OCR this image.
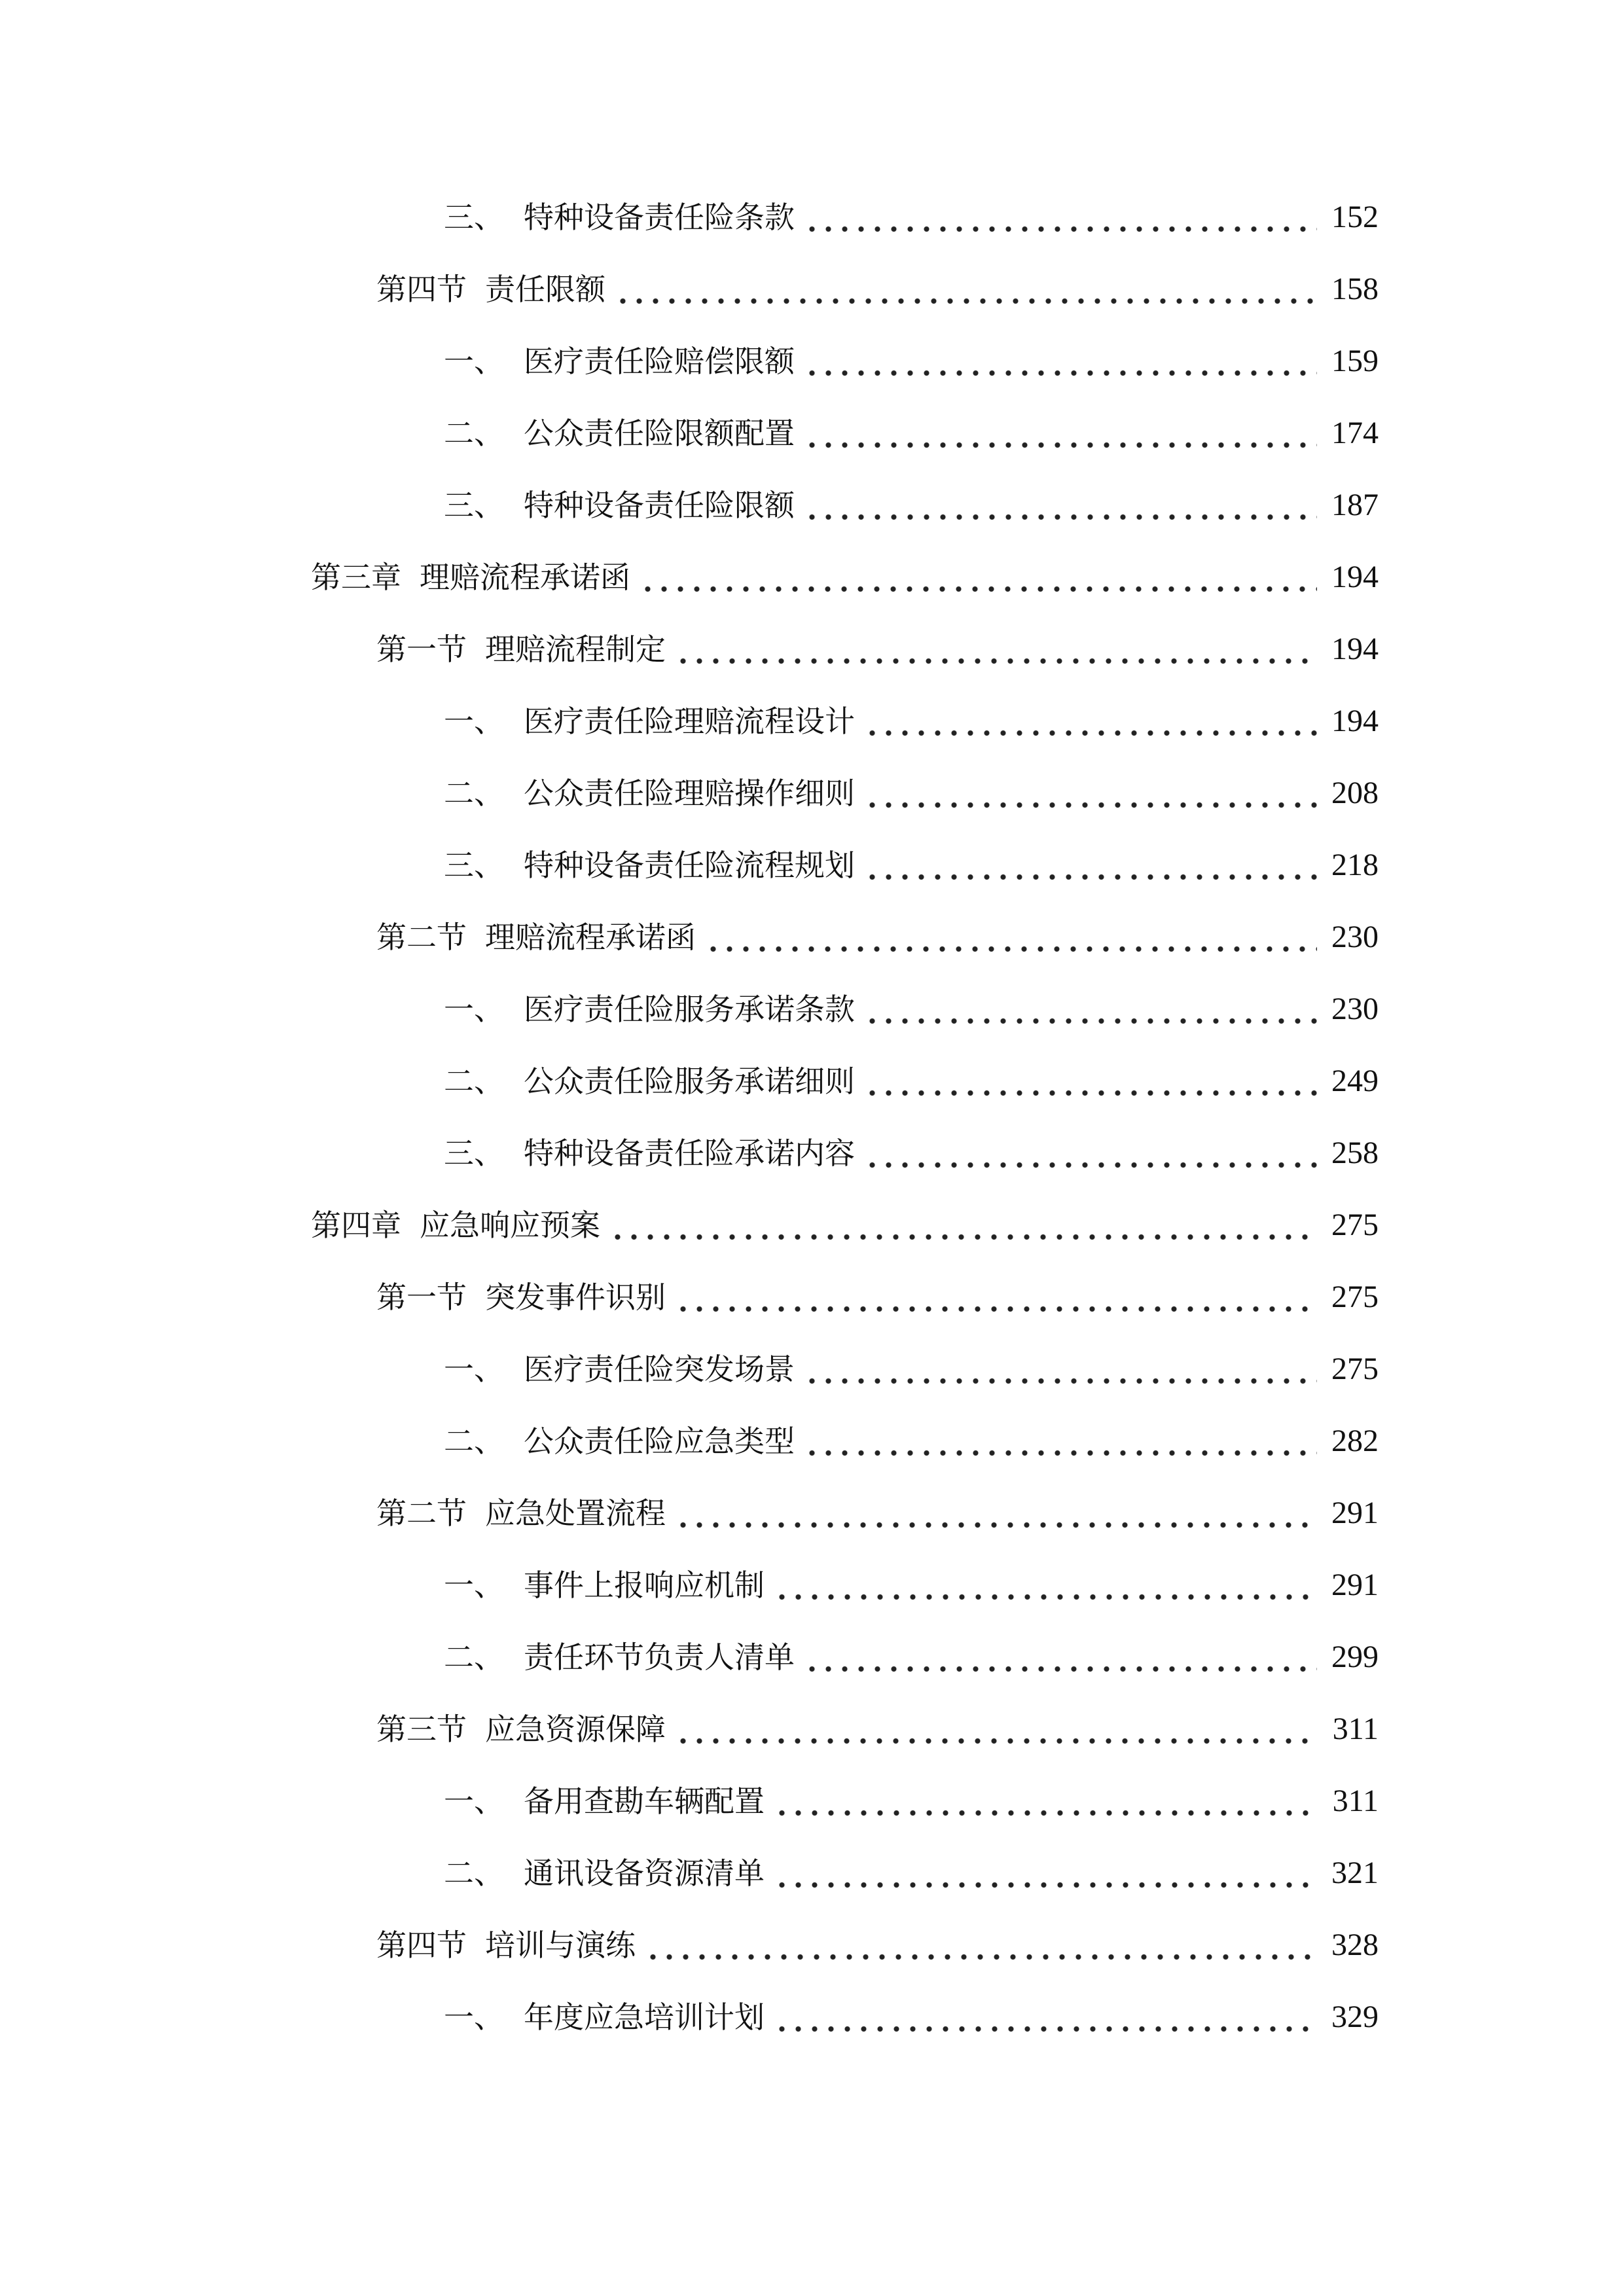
三、 特种设备责任险条款	152
第四节 责任限额	158
一、 医疗责任险赔偿限额	159
二、 公众责任险限额配置	174
三、 特种设备责任险限额	187
第三章 理赔流程承诺函	194
第一节 理赔流程制定	194
一、 医疗责任险理赔流程设计	194
二、 公众责任险理赔操作细则	208
三、 特种设备责任险流程规划	218
第二节 理赔流程承诺函	230
一、 医疗责任险服务承诺条款	230
二、 公众责任险服务承诺细则	249
三、 特种设备责任险承诺内容	258
第四章 应急响应预案	275
第一节 突发事件识别	275
一、 医疗责任险突发场景	275
二、 公众责任险应急类型	282
第二节 应急处置流程	291
一、 事件上报响应机制	291
二、 责任环节负责人清单	299
第三节 应急资源保障	311
一、 备用查勘车辆配置	311
二、 通讯设备资源清单	321
第四节 培训与演练	328
一、 年度应急培训计划	329
